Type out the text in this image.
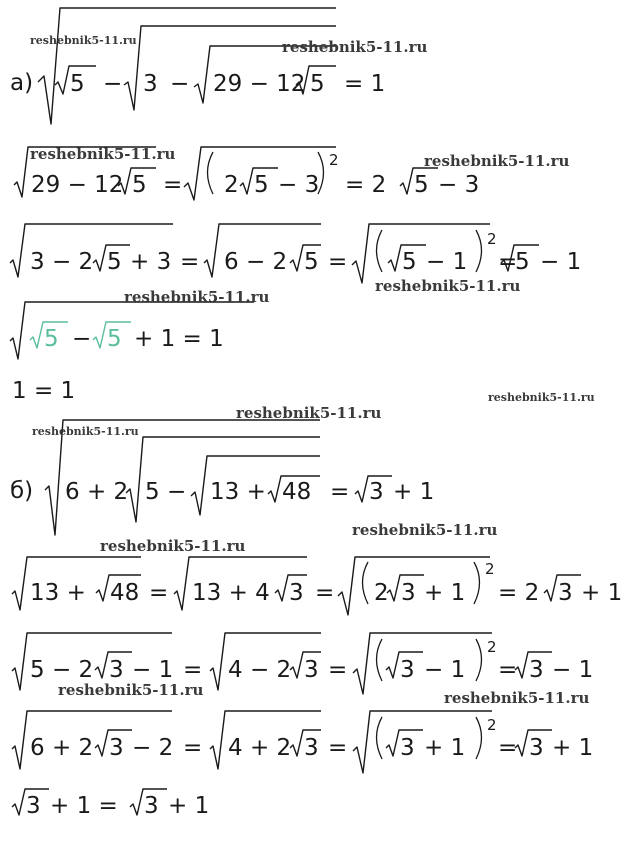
а) 5 − 3 − 29 − 12 5 = 1
29 − 12 5 = 2 5 − 3
2
= 2 5 − 3
3 − 2 5 + 3 = 6 − 2 5 = 5 − 1
2
=
5 − 1
5 − 5 + 1 = 1
1 = 1
б) 6 + 2 5 − 13 + 48 = 3 + 1
13 + 48 = 13 + 4 3 = 2 3 + 1
2
= 2 3 + 1
5 − 2 3 − 1 = 4 − 2 3 = 3 − 1
2
= 3 − 1
6 + 2 3 − 2 = 4 + 2 3 = 3 + 1
2
= 3 + 1
3 + 1 = 3 + 1
reshebnik5-11.ru	reshebnik5-11.ru
reshebnik5-11.ru	reshebnik5-11.ru
reshebnik5-11.ru
reshebnik5-11.ru
reshebnik5-11.ru
reshebnik5-11.ru
reshebnik5-11.ru
reshebnik5-11.ru
reshebnik5-11.ru
reshebnik5-11.ru	reshebnik5-11.ru
